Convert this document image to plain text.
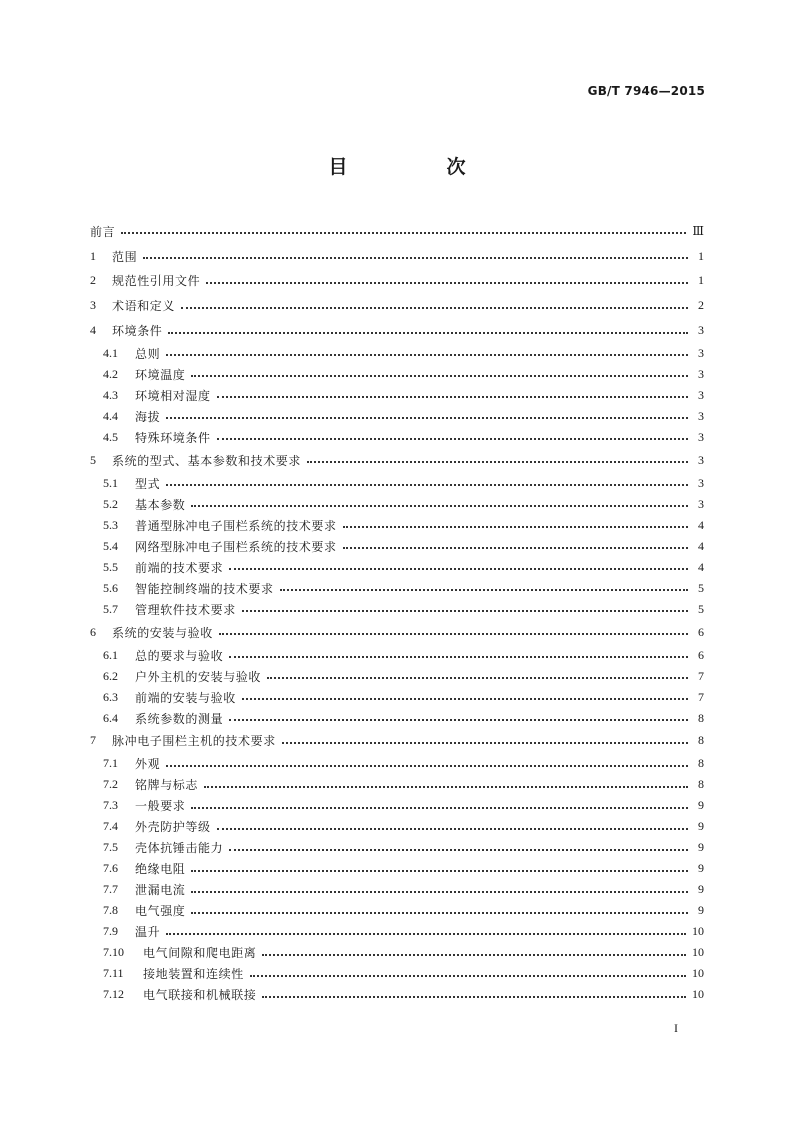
GB/T 7946—2015
目　次
前言	Ⅲ
1	范围	1
2	规范性引用文件	1
3	术语和定义	2
4	环境条件	3
4.1	总则	3
4.2	环境温度	3
4.3	环境相对湿度	3
4.4	海拔	3
4.5	特殊环境条件	3
5	系统的型式、基本参数和技术要求	3
5.1	型式	3
5.2	基本参数	3
5.3	普通型脉冲电子围栏系统的技术要求	4
5.4	网络型脉冲电子围栏系统的技术要求	4
5.5	前端的技术要求	4
5.6	智能控制终端的技术要求	5
5.7	管理软件技术要求	5
6	系统的安装与验收	6
6.1	总的要求与验收	6
6.2	户外主机的安装与验收	7
6.3	前端的安装与验收	7
6.4	系统参数的测量	8
7	脉冲电子围栏主机的技术要求	8
7.1	外观	8
7.2	铭牌与标志	8
7.3	一般要求	9
7.4	外壳防护等级	9
7.5	壳体抗锤击能力	9
7.6	绝缘电阻	9
7.7	泄漏电流	9
7.8	电气强度	9
7.9	温升	10
7.10	电气间隙和爬电距离	10
7.11	接地装置和连续性	10
7.12	电气联接和机械联接	10
I
